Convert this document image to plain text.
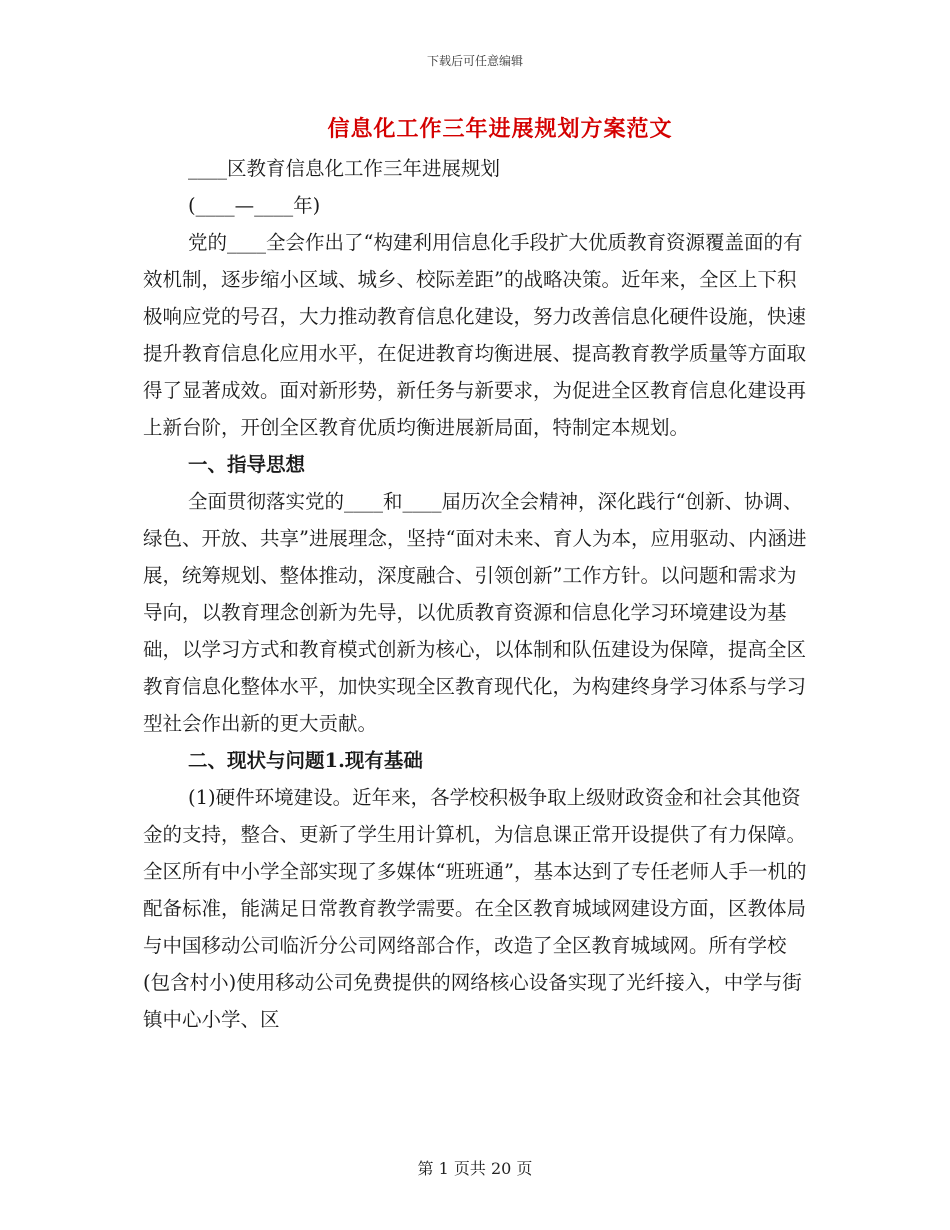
下载后可任意编辑
信息化工作三年进展规划方案范文

____区教育信息化工作三年进展规划

(____—____年)

党的____全会作出了“构建利用信息化手段扩大优质教育资源覆盖面的有效机制，逐步缩小区域、城乡、校际差距”的战略决策。近年来，全区上下积极响应党的号召，大力推动教育信息化建设，努力改善信息化硬件设施，快速提升教育信息化应用水平，在促进教育均衡进展、提高教育教学质量等方面取得了显著成效。面对新形势，新任务与新要求，为促进全区教育信息化建设再上新台阶，开创全区教育优质均衡进展新局面，特制定本规划。

一、指导思想

全面贯彻落实党的____和____届历次全会精神，深化践行“创新、协调、绿色、开放、共享”进展理念，坚持“面对未来、育人为本，应用驱动、内涵进展，统筹规划、整体推动，深度融合、引领创新”工作方针。以问题和需求为导向，以教育理念创新为先导，以优质教育资源和信息化学习环境建设为基础，以学习方式和教育模式创新为核心，以体制和队伍建设为保障，提高全区教育信息化整体水平，加快实现全区教育现代化，为构建终身学习体系与学习型社会作出新的更大贡献。

二、现状与问题1.现有基础

(1)硬件环境建设。近年来，各学校积极争取上级财政资金和社会其他资金的支持，整合、更新了学生用计算机，为信息课正常开设提供了有力保障。全区所有中小学全部实现了多媒体“班班通”，基本达到了专任老师人手一机的配备标准，能满足日常教育教学需要。在全区教育城域网建设方面，区教体局与中国移动公司临沂分公司网络部合作，改造了全区教育城域网。所有学校(包含村小)使用移动公司免费提供的网络核心设备实现了光纤接入，中学与街镇中心小学、区

第 1 页共 20 页
